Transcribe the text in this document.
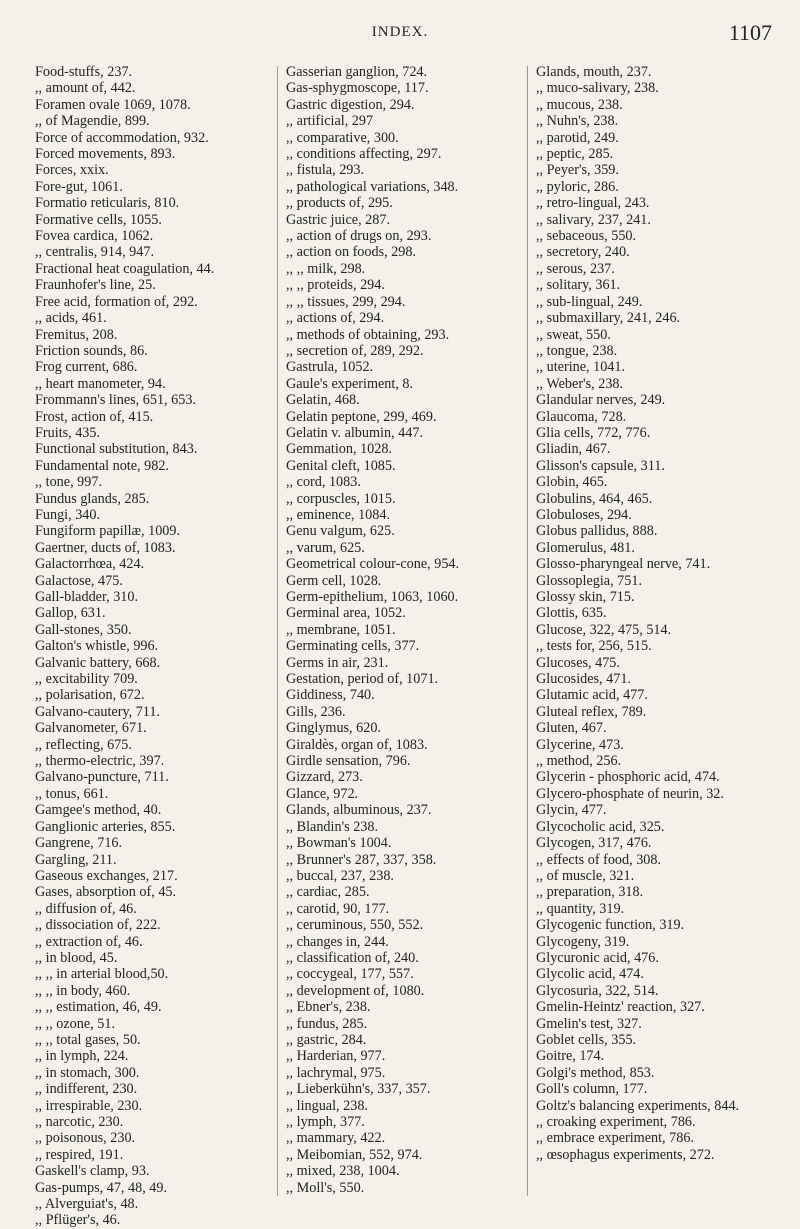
INDEX.	1107
Food-stuffs, 237.
,, amount of, 442.
Foramen ovale 1069, 1078.
,, of Magendie, 899.
Force of accommodation, 932.
Forced movements, 893.
Forces, xxix.
Fore-gut, 1061.
Formatio reticularis, 810.
Formative cells, 1055.
Fovea cardica, 1062.
,, centralis, 914, 947.
Fractional heat coagulation, 44.
Fraunhofer's line, 25.
Free acid, formation of, 292.
,, acids, 461.
Fremitus, 208.
Friction sounds, 86.
Frog current, 686.
,, heart manometer, 94.
Frommann's lines, 651, 653.
Frost, action of, 415.
Fruits, 435.
Functional substitution, 843.
Fundamental note, 982.
,, tone, 997.
Fundus glands, 285.
Fungi, 340.
Fungiform papillæ, 1009.
Gaertner, ducts of, 1083.
Galactorrhœa, 424.
Galactose, 475.
Gall-bladder, 310.
Gallop, 631.
Gall-stones, 350.
Galton's whistle, 996.
Galvanic battery, 668.
,, excitability 709.
,, polarisation, 672.
Galvano-cautery, 711.
Galvanometer, 671.
,, reflecting, 675.
,, thermo-electric, 397.
Galvano-puncture, 711.
,, tonus, 661.
Gamgee's method, 40.
Ganglionic arteries, 855.
Gangrene, 716.
Gargling, 211.
Gaseous exchanges, 217.
Gases, absorption of, 45.
,, diffusion of, 46.
,, dissociation of, 222.
,, extraction of, 46.
,, in blood, 45.
,, ,, in arterial blood,50.
,, ,, in body, 460.
,, ,, estimation, 46, 49.
,, ,, ozone, 51.
,, ,, total gases, 50.
,, in lymph, 224.
,, in stomach, 300.
,, indifferent, 230.
,, irrespirable, 230.
,, narcotic, 230.
,, poisonous, 230.
,, respired, 191.
Gaskell's clamp, 93.
Gas-pumps, 47, 48, 49.
,, Alverguiat's, 48.
,, Pflüger's, 46.
Gasserian ganglion, 724.
Gas-sphygmoscope, 117.
Gastric digestion, 294.
,, artificial, 297
,, comparative, 300.
,, conditions affecting, 297.
,, fistula, 293.
,, pathological variations, 348.
,, products of, 295.
Gastric juice, 287.
,, action of drugs on, 293.
,, action on foods, 298.
,, ,, milk, 298.
,, ,, proteids, 294.
,, ,, tissues, 299, 294.
,, actions of, 294.
,, methods of obtaining, 293.
,, secretion of, 289, 292.
Gastrula, 1052.
Gaule's experiment, 8.
Gelatin, 468.
Gelatin peptone, 299, 469.
Gelatin v. albumin, 447.
Gemmation, 1028.
Genital cleft, 1085.
,, cord, 1083.
,, corpuscles, 1015.
,, eminence, 1084.
Genu valgum, 625.
,, varum, 625.
Geometrical colour-cone, 954.
Germ cell, 1028.
Germ-epithelium, 1063, 1060.
Germinal area, 1052.
,, membrane, 1051.
Germinating cells, 377.
Germs in air, 231.
Gestation, period of, 1071.
Giddiness, 740.
Gills, 236.
Ginglymus, 620.
Giraldès, organ of, 1083.
Girdle sensation, 796.
Gizzard, 273.
Glance, 972.
Glands, albuminous, 237.
,, Blandin's 238.
,, Bowman's 1004.
,, Brunner's 287, 337, 358.
,, buccal, 237, 238.
,, cardiac, 285.
,, carotid, 90, 177.
,, ceruminous, 550, 552.
,, changes in, 244.
,, classification of, 240.
,, coccygeal, 177, 557.
,, development of, 1080.
,, Ebner's, 238.
,, fundus, 285.
,, gastric, 284.
,, Harderian, 977.
,, lachrymal, 975.
,, Lieberkühn's, 337, 357.
,, lingual, 238.
,, lymph, 377.
,, mammary, 422.
,, Meibomian, 552, 974.
,, mixed, 238, 1004.
,, Moll's, 550.
Glands, mouth, 237.
,, muco-salivary, 238.
,, mucous, 238.
,, Nuhn's, 238.
,, parotid, 249.
,, peptic, 285.
,, Peyer's, 359.
,, pyloric, 286.
,, retro-lingual, 243.
,, salivary, 237, 241.
,, sebaceous, 550.
,, secretory, 240.
,, serous, 237.
,, solitary, 361.
,, sub-lingual, 249.
,, submaxillary, 241, 246.
,, sweat, 550.
,, tongue, 238.
,, uterine, 1041.
,, Weber's, 238.
Glandular nerves, 249.
Glaucoma, 728.
Glia cells, 772, 776.
Gliadin, 467.
Glisson's capsule, 311.
Globin, 465.
Globulins, 464, 465.
Globuloses, 294.
Globus pallidus, 888.
Glomerulus, 481.
Glosso-pharyngeal nerve, 741.
Glossoplegia, 751.
Glossy skin, 715.
Glottis, 635.
Glucose, 322, 475, 514.
,, tests for, 256, 515.
Glucoses, 475.
Glucosides, 471.
Glutamic acid, 477.
Gluteal reflex, 789.
Gluten, 467.
Glycerine, 473.
,, method, 256.
Glycerin - phosphoric acid, 474.
Glycero-phosphate of neurin, 32.
Glycin, 477.
Glycocholic acid, 325.
Glycogen, 317, 476.
,, effects of food, 308.
,, of muscle, 321.
,, preparation, 318.
,, quantity, 319.
Glycogenic function, 319.
Glycogeny, 319.
Glycuronic acid, 476.
Glycolic acid, 474.
Glycosuria, 322, 514.
Gmelin-Heintz' reaction, 327.
Gmelin's test, 327.
Goblet cells, 355.
Goitre, 174.
Golgi's method, 853.
Goll's column, 177.
Goltz's balancing experiments, 844.
,, croaking experiment, 786.
,, embrace experiment, 786.
,, œsophagus experiments, 272.
